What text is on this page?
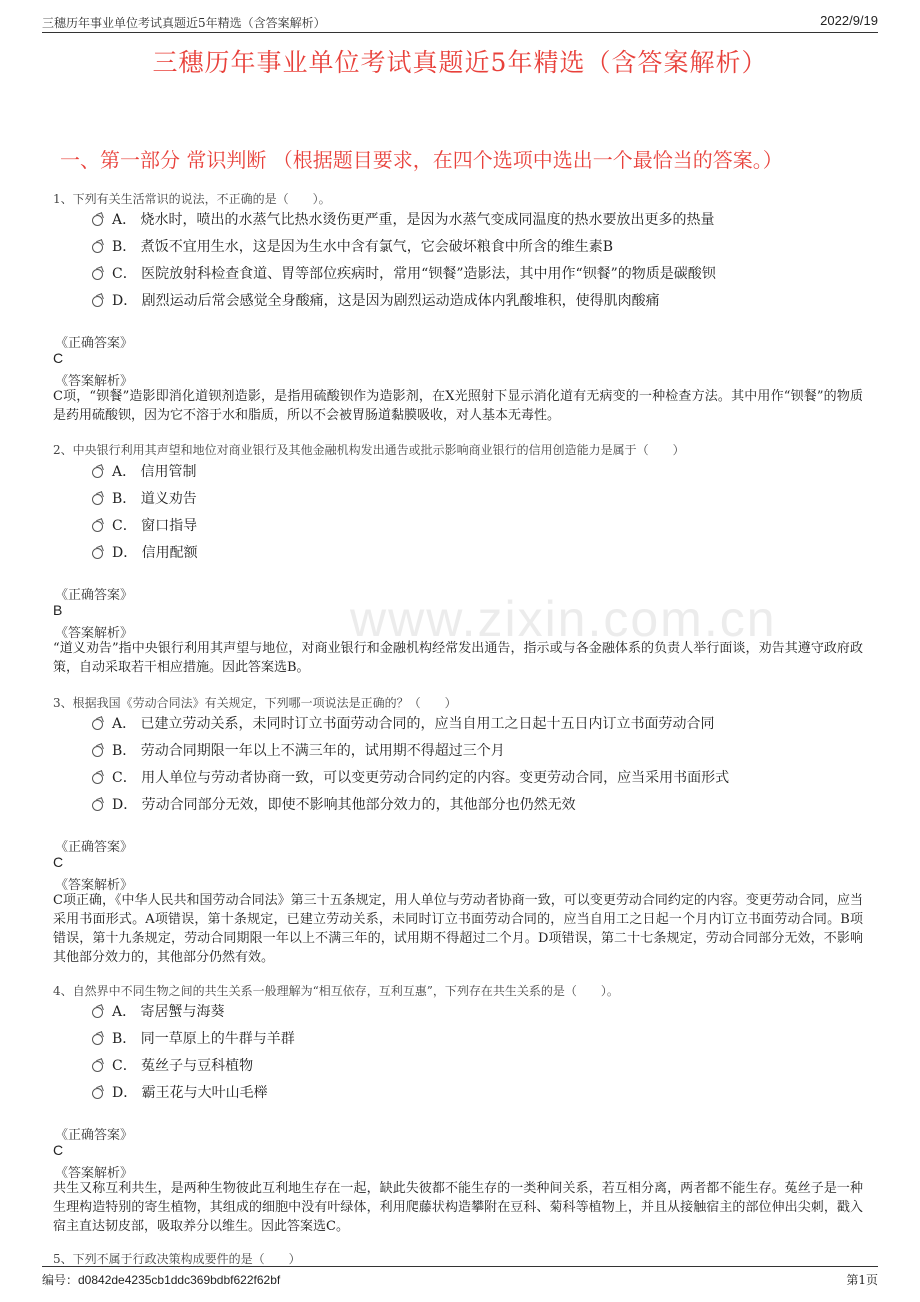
三穗历年事业单位考试真题近5年精选（含答案解析）	2022/9/19
www.zixin.com.cn
三穗历年事业单位考试真题近5年精选（含答案解析）
一、第一部分 常识判断 （根据题目要求，在四个选项中选出一个最恰当的答案。）
1、下列有关生活常识的说法，不正确的是（　　）。
A． 烧水时，喷出的水蒸气比热水烫伤更严重，是因为水蒸气变成同温度的热水要放出更多的热量
B． 煮饭不宜用生水，这是因为生水中含有氯气，它会破坏粮食中所含的维生素B
C． 医院放射科检查食道、胃等部位疾病时，常用“钡餐”造影法，其中用作“钡餐”的物质是碳酸钡
D． 剧烈运动后常会感觉全身酸痛，这是因为剧烈运动造成体内乳酸堆积，使得肌肉酸痛
《正确答案》
C
《答案解析》
C项，“钡餐”造影即消化道钡剂造影，是指用硫酸钡作为造影剂，在X光照射下显示消化道有无病变的一种检查方法。其中用作“钡餐”的物质是药用硫酸钡，因为它不溶于水和脂质，所以不会被胃肠道黏膜吸收，对人基本无毒性。
2、中央银行利用其声望和地位对商业银行及其他金融机构发出通告或批示影响商业银行的信用创造能力是属于（　　）
A． 信用管制
B． 道义劝告
C． 窗口指导
D． 信用配额
《正确答案》
B
《答案解析》
“道义劝告”指中央银行利用其声望与地位，对商业银行和金融机构经常发出通告，指示或与各金融体系的负责人举行面谈，劝告其遵守政府政策，自动采取若干相应措施。因此答案选B。
3、根据我国《劳动合同法》有关规定，下列哪一项说法是正确的？（　　）
A． 已建立劳动关系，未同时订立书面劳动合同的，应当自用工之日起十五日内订立书面劳动合同
B． 劳动合同期限一年以上不满三年的，试用期不得超过三个月
C． 用人单位与劳动者协商一致，可以变更劳动合同约定的内容。变更劳动合同，应当采用书面形式
D． 劳动合同部分无效，即使不影响其他部分效力的，其他部分也仍然无效
《正确答案》
C
《答案解析》
C项正确，《中华人民共和国劳动合同法》第三十五条规定，用人单位与劳动者协商一致，可以变更劳动合同约定的内容。变更劳动合同，应当采用书面形式。A项错误，第十条规定，已建立劳动关系，未同时订立书面劳动合同的，应当自用工之日起一个月内订立书面劳动合同。B项错误，第十九条规定，劳动合同期限一年以上不满三年的，试用期不得超过二个月。D项错误，第二十七条规定，劳动合同部分无效，不影响其他部分效力的，其他部分仍然有效。
4、自然界中不同生物之间的共生关系一般理解为“相互依存，互利互惠”，下列存在共生关系的是（　　）。
A． 寄居蟹与海葵
B． 同一草原上的牛群与羊群
C． 菟丝子与豆科植物
D． 霸王花与大叶山毛榉
《正确答案》
C
《答案解析》
共生又称互利共生，是两种生物彼此互利地生存在一起，缺此失彼都不能生存的一类种间关系，若互相分离，两者都不能生存。菟丝子是一种生理构造特别的寄生植物，其组成的细胞中没有叶绿体，利用爬藤状构造攀附在豆科、菊科等植物上，并且从接触宿主的部位伸出尖刺，戳入宿主直达韧皮部，吸取养分以维生。因此答案选C。
5、下列不属于行政决策构成要件的是（　　）
编号：d0842de4235cb1ddc369bdbf622f62bf	第1页
